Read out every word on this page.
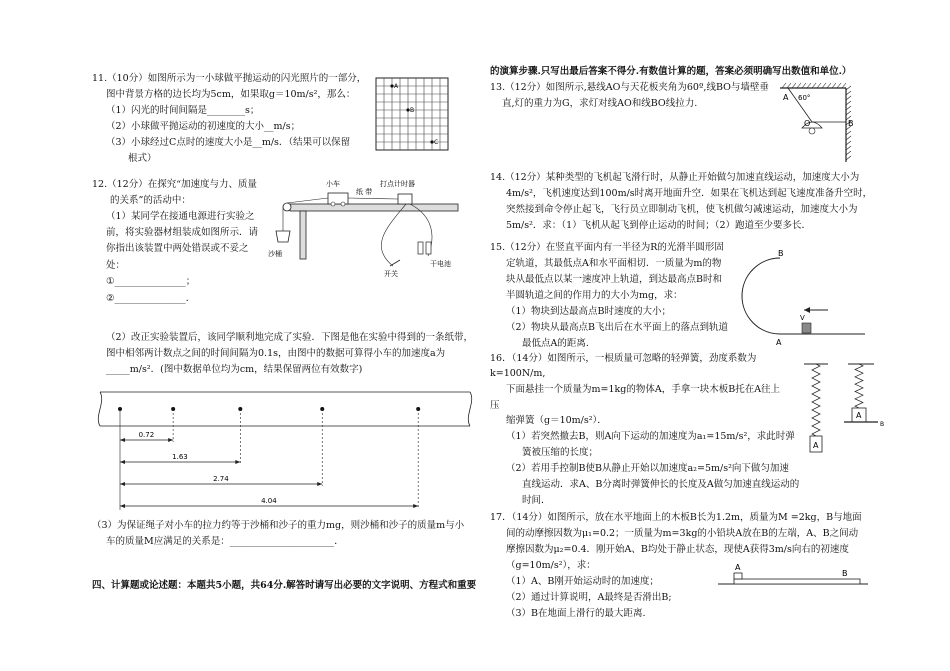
11.（10分）如图所示为一小球做平抛运动的闪光照片的一部分，
图中背景方格的边长均为5cm，如果取g＝10m/s²，那么：
（1）闪光的时间间隔是________s；
（2）小球做平抛运动的初速度的大小__m/s；
（3）小球经过C点时的速度大小是__m/s．（结果可以保留
根式）
A
B
C
12.（12分）在探究“加速度与力、质量
的关系”的活动中：
（1）某同学在接通电源进行实验之
前，将实验器材组装成如图所示．请
你指出该装置中两处错误或不妥之
处：
①_______________；
②_______________．
小车
纸 带
打点计时器
沙桶
开关
干电池
（2）改正实验装置后，该同学顺利地完成了实验．下图是他在实验中得到的一条纸带，
图中相邻两计数点之间的时间间隔为0.1s，由图中的数据可算得小车的加速度a为
_____m/s²．(图中数据单位均为cm，结果保留两位有效数字)
0.72
1.63
2.74
4.04
（3）为保证绳子对小车的拉力约等于沙桶和沙子的重力mg，则沙桶和沙子的质量m与小
车的质量M应满足的关系是：______________________．
四、计算题或论述题：本题共5小题，共64分.解答时请写出必要的文字说明、方程式和重要
的演算步骤.只写出最后答案不得分.有数值计算的题，答案必须明确写出数值和单位.）
13.（12分）如图所示,悬线AO与天花板夹角为60º,线BO与墙壁垂
直,灯的重力为G，求灯对线AO和线BO线拉力.
A
B
O
60°
14.（12分）某种类型的飞机起飞滑行时，从静止开始做匀加速直线运动，加速度大小为
4m/s²，飞机速度达到100m/s时离开地面升空．如果在飞机达到起飞速度准备升空时，
突然接到命令停止起飞，飞行员立即制动飞机，使飞机做匀减速运动，加速度大小为
5m/s²．求：（1）飞机从起飞到停止运动的时间；（2）跑道至少要多长．
15.（12分）在竖直平面内有一半径为R的光滑半圆形固
定轨道，其最低点A和水平面相切．一质量为m的物
块从最低点以某一速度冲上轨道，到达最高点B时和
半圆轨道之间的作用力的大小为mg，求：
（1）物块到达最高点B时速度的大小；
（2）物块从最高点B飞出后在水平面上的落点到轨道
最低点A的距离.
B
A
V
16．（14分）如图所示，一根质量可忽略的轻弹簧，劲度系数为
k=100N/m,
下面悬挂一个质量为m=1kg的物体A，手拿一块木板B托在A往上
压
缩弹簧（g＝10m/s²）．
（1）若突然撤去B，则A向下运动的加速度为a₁=15m/s²，求此时弹
簧被压缩的长度；
（2）若用手控制B使B从静止开始以加速度a₂=5m/s²向下做匀加速
直线运动．求A、B分离时弹簧伸长的长度及A做匀加速直线运动的
时间．
A
A
B
17．（14分）如图所示，放在水平地面上的木板B长为1.2m，质量为M =2kg，B与地面
间的动摩擦因数为μ₁=0.2；一质量为m=3kg的小铅块A放在B的左端，A、B之间动
摩擦因数为μ₂=0.4．刚开始A、B均处于静止状态，现使A获得3m/s向右的初速度
（g=10m/s²），求：
（1）A、B刚开始运动时的加速度；
（2）通过计算说明，A最终是否滑出B;
（3）B在地面上滑行的最大距离.
A
B
